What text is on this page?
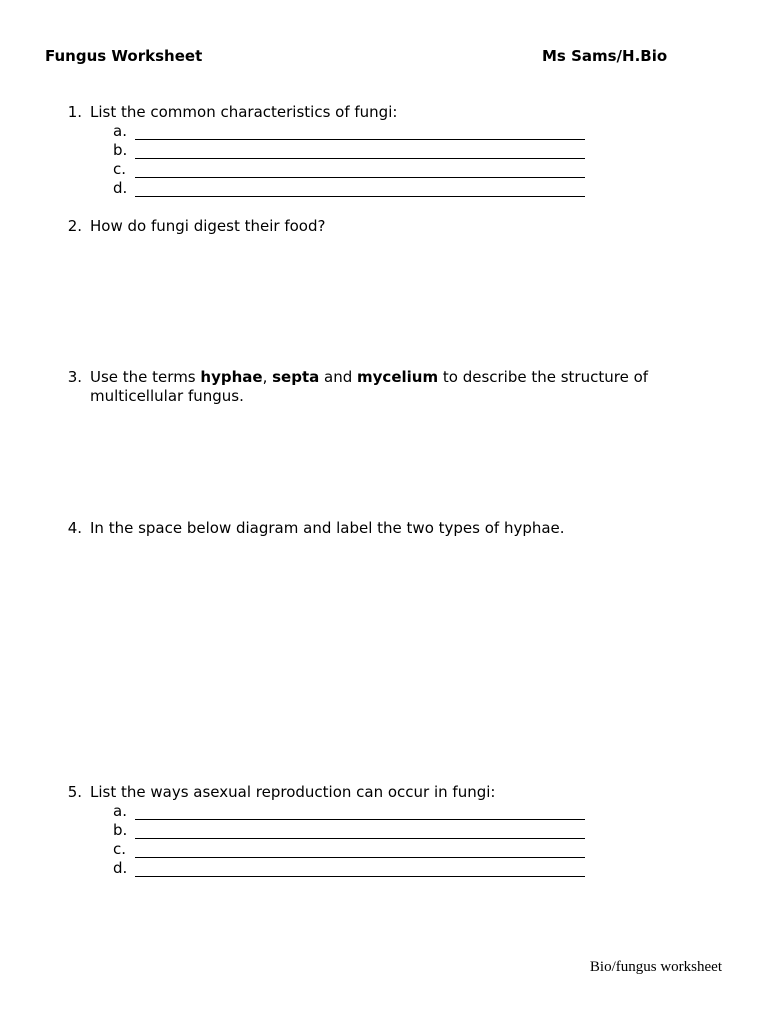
Fungus Worksheet	Ms Sams/H.Bio
1. List the common characteristics of fungi:
a.
b.
c.
d.
2. How do fungi digest their food?
3. Use the terms hyphae, septa and mycelium to describe the structure of multicellular fungus.
4. In the space below diagram and label the two types of hyphae.
5. List the ways asexual reproduction can occur in fungi:
a.
b.
c.
d.
Bio/fungus worksheet
